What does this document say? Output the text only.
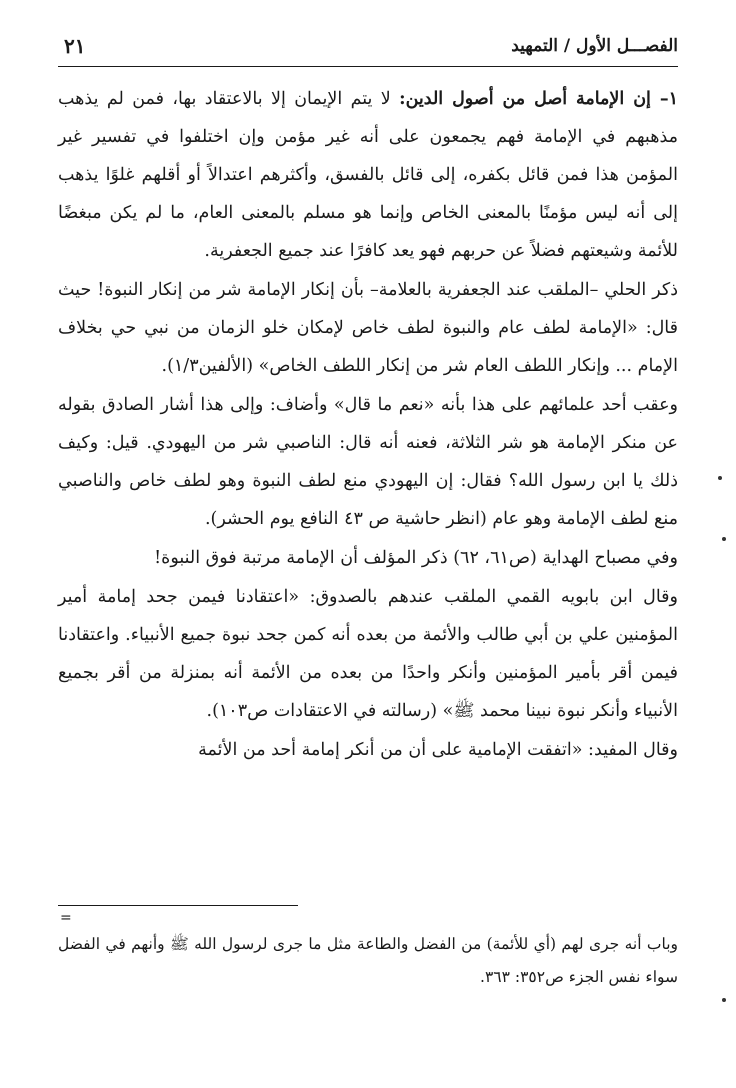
الفصـــل الأول / التمهيد
٢١

١– إن الإمامة أصل من أصول الدين: لا يتم الإيمان إلا بالاعتقاد بها، فمن لم يذهب مذهبهم في الإمامة فهم يجمعون على أنه غير مؤمن وإن اختلفوا في تفسير غير المؤمن هذا فمن قائل بكفره، إلى قائل بالفسق، وأكثرهم اعتدالاً أو أقلهم غلوًا يذهب إلى أنه ليس مؤمنًا بالمعنى الخاص وإنما هو مسلم بالمعنى العام، ما لم يكن مبغضًا للأئمة وشيعتهم فضلاً عن حربهم فهو يعد كافرًا عند جميع الجعفرية.

ذكر الحلي –الملقب عند الجعفرية بالعلامة– بأن إنكار الإمامة شر من إنكار النبوة! حيث قال: «الإمامة لطف عام والنبوة لطف خاص لإمكان خلو الزمان من نبي حي بخلاف الإمام ... وإنكار اللطف العام شر من إنكار اللطف الخاص» (الألفين١/٣).

وعقب أحد علمائهم على هذا بأنه «نعم ما قال» وأضاف: وإلى هذا أشار الصادق بقوله عن منكر الإمامة هو شر الثلاثة، فعنه أنه قال: الناصبي شر من اليهودي. قيل: وكيف ذلك يا ابن رسول الله؟ فقال: إن اليهودي منع لطف النبوة وهو لطف خاص والناصبي منع لطف الإمامة وهو عام (انظر حاشية ص ٤٣ النافع يوم الحشر).

وفي مصباح الهداية (ص٦١، ٦٢) ذكر المؤلف أن الإمامة مرتبة فوق النبوة!

وقال ابن بابويه القمي الملقب عندهم بالصدوق: «اعتقادنا فيمن جحد إمامة أمير المؤمنين علي بن أبي طالب والأئمة من بعده أنه كمن جحد نبوة جميع الأنبياء. واعتقادنا فيمن أقر بأمير المؤمنين وأنكر واحدًا من بعده من الأئمة أنه بمنزلة من أقر بجميع الأنبياء وأنكر نبوة نبينا محمد ﷺ» (رسالته في الاعتقادات ص١٠٣).

وقال المفيد: «اتفقت الإمامية على أن من أنكر إمامة أحد من الأئمة

=

وباب أنه جرى لهم (أي للأئمة) من الفضل والطاعة مثل ما جرى لرسول الله ﷺ وأنهم في الفضل سواء نفس الجزء ص٣٥٢: ٣٦٣.
